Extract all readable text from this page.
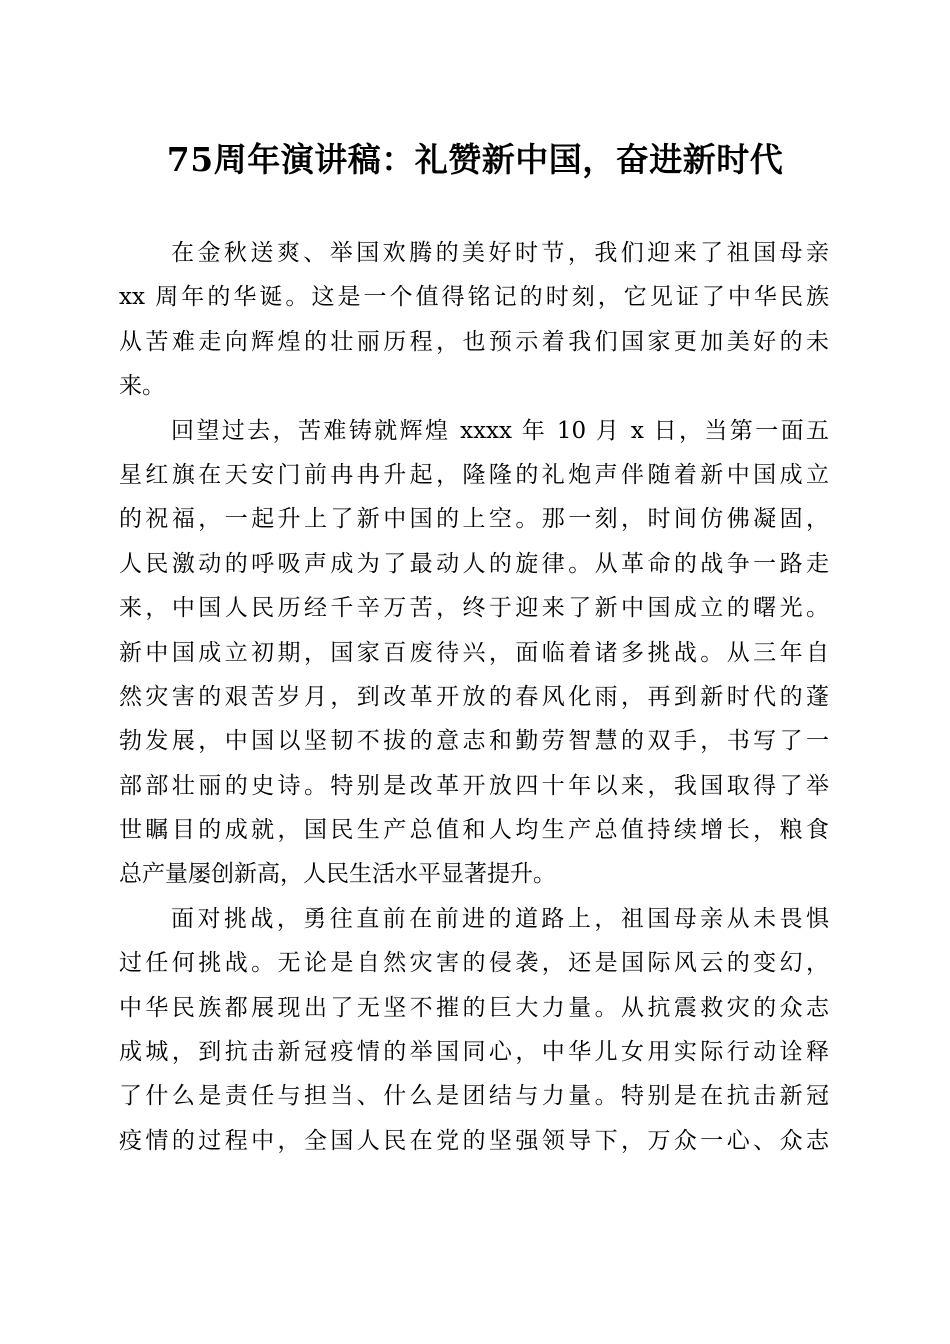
75周年演讲稿：礼赞新中国，奋进新时代
在金秋送爽、举国欢腾的美好时节，我们迎来了祖国母亲
xx 周年的华诞。这是一个值得铭记的时刻，它见证了中华民族
从苦难走向辉煌的壮丽历程，也预示着我们国家更加美好的未
来。
回望过去，苦难铸就辉煌 xxxx 年 10 月 x 日，当第一面五
星红旗在天安门前冉冉升起，隆隆的礼炮声伴随着新中国成立
的祝福，一起升上了新中国的上空。那一刻，时间仿佛凝固，
人民激动的呼吸声成为了最动人的旋律。从革命的战争一路走
来，中国人民历经千辛万苦，终于迎来了新中国成立的曙光。
新中国成立初期，国家百废待兴，面临着诸多挑战。从三年自
然灾害的艰苦岁月，到改革开放的春风化雨，再到新时代的蓬
勃发展，中国以坚韧不拔的意志和勤劳智慧的双手，书写了一
部部壮丽的史诗。特别是改革开放四十年以来，我国取得了举
世瞩目的成就，国民生产总值和人均生产总值持续增长，粮食
总产量屡创新高，人民生活水平显著提升。
面对挑战，勇往直前在前进的道路上，祖国母亲从未畏惧
过任何挑战。无论是自然灾害的侵袭，还是国际风云的变幻，
中华民族都展现出了无坚不摧的巨大力量。从抗震救灾的众志
成城，到抗击新冠疫情的举国同心，中华儿女用实际行动诠释
了什么是责任与担当、什么是团结与力量。特别是在抗击新冠
疫情的过程中，全国人民在党的坚强领导下，万众一心、众志
